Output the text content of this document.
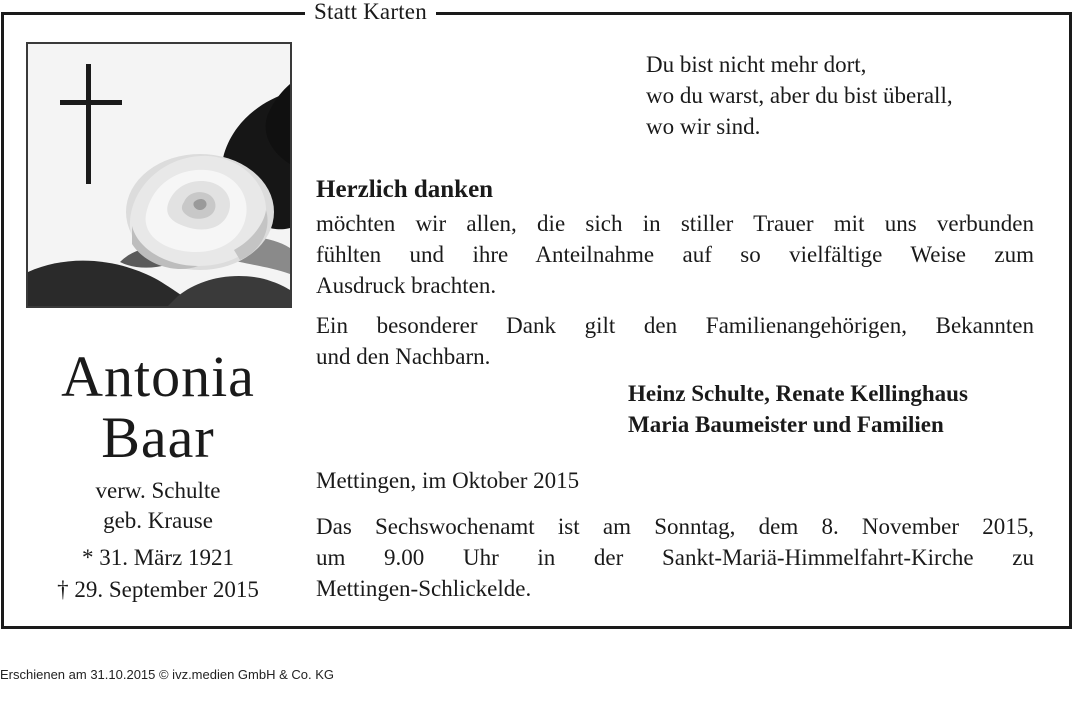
Statt Karten
Antonia
Baar
verw. Schulte
geb. Krause
* 31. März 1921
† 29. September 2015
Du bist nicht mehr dort,
wo du warst, aber du bist überall,
wo wir sind.
Herzlich danken
möchten wir allen, die sich in stiller Trauer mit uns verbunden
fühlten und ihre Anteilnahme auf so vielfältige Weise zum
Ausdruck brachten.
Ein besonderer Dank gilt den Familienangehörigen, Bekannten
und den Nachbarn.
Heinz Schulte, Renate Kellinghaus
Maria Baumeister und Familien
Mettingen, im Oktober 2015
Das Sechswochenamt ist am Sonntag, dem 8. November 2015,
um 9.00 Uhr in der Sankt-Mariä-Himmelfahrt-Kirche zu
Mettingen-Schlickelde.
Erschienen am 31.10.2015 © ivz.medien GmbH & Co. KG
